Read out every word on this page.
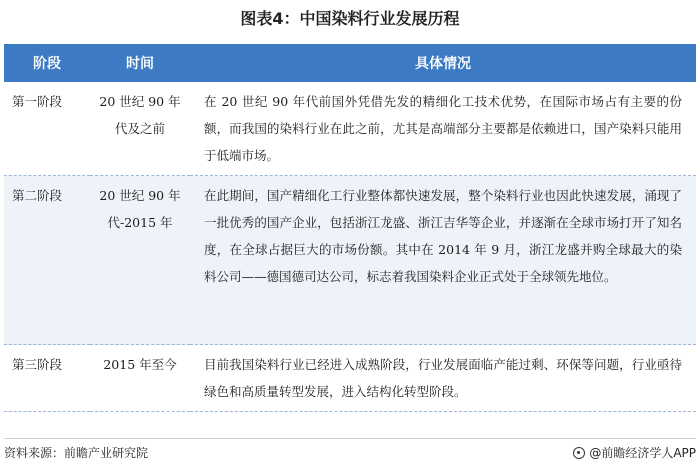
图表4：中国染料行业发展历程
阶段	时间	具体情况
第一阶段	20 世纪 90 年代及之前	在 20 世纪 90 年代前国外凭借先发的精细化工技术优势，在国际市场占有主要的份额，而我国的染料行业在此之前，尤其是高端部分主要都是依赖进口，国产染料只能用于低端市场。
第二阶段	20 世纪 90 年代-2015 年	在此期间，国产精细化工行业整体都快速发展，整个染料行业也因此快速发展，涌现了一批优秀的国产企业，包括浙江龙盛、浙江吉华等企业，并逐渐在全球市场打开了知名度，在全球占据巨大的市场份额。其中在 2014 年 9 月，浙江龙盛并购全球最大的染料公司——德国德司达公司，标志着我国染料企业正式处于全球领先地位。
第三阶段	2015 年至今	目前我国染料行业已经进入成熟阶段，行业发展面临产能过剩、环保等问题，行业亟待绿色和高质量转型发展，进入结构化转型阶段。
资料来源：前瞻产业研究院	@前瞻经济学人APP
